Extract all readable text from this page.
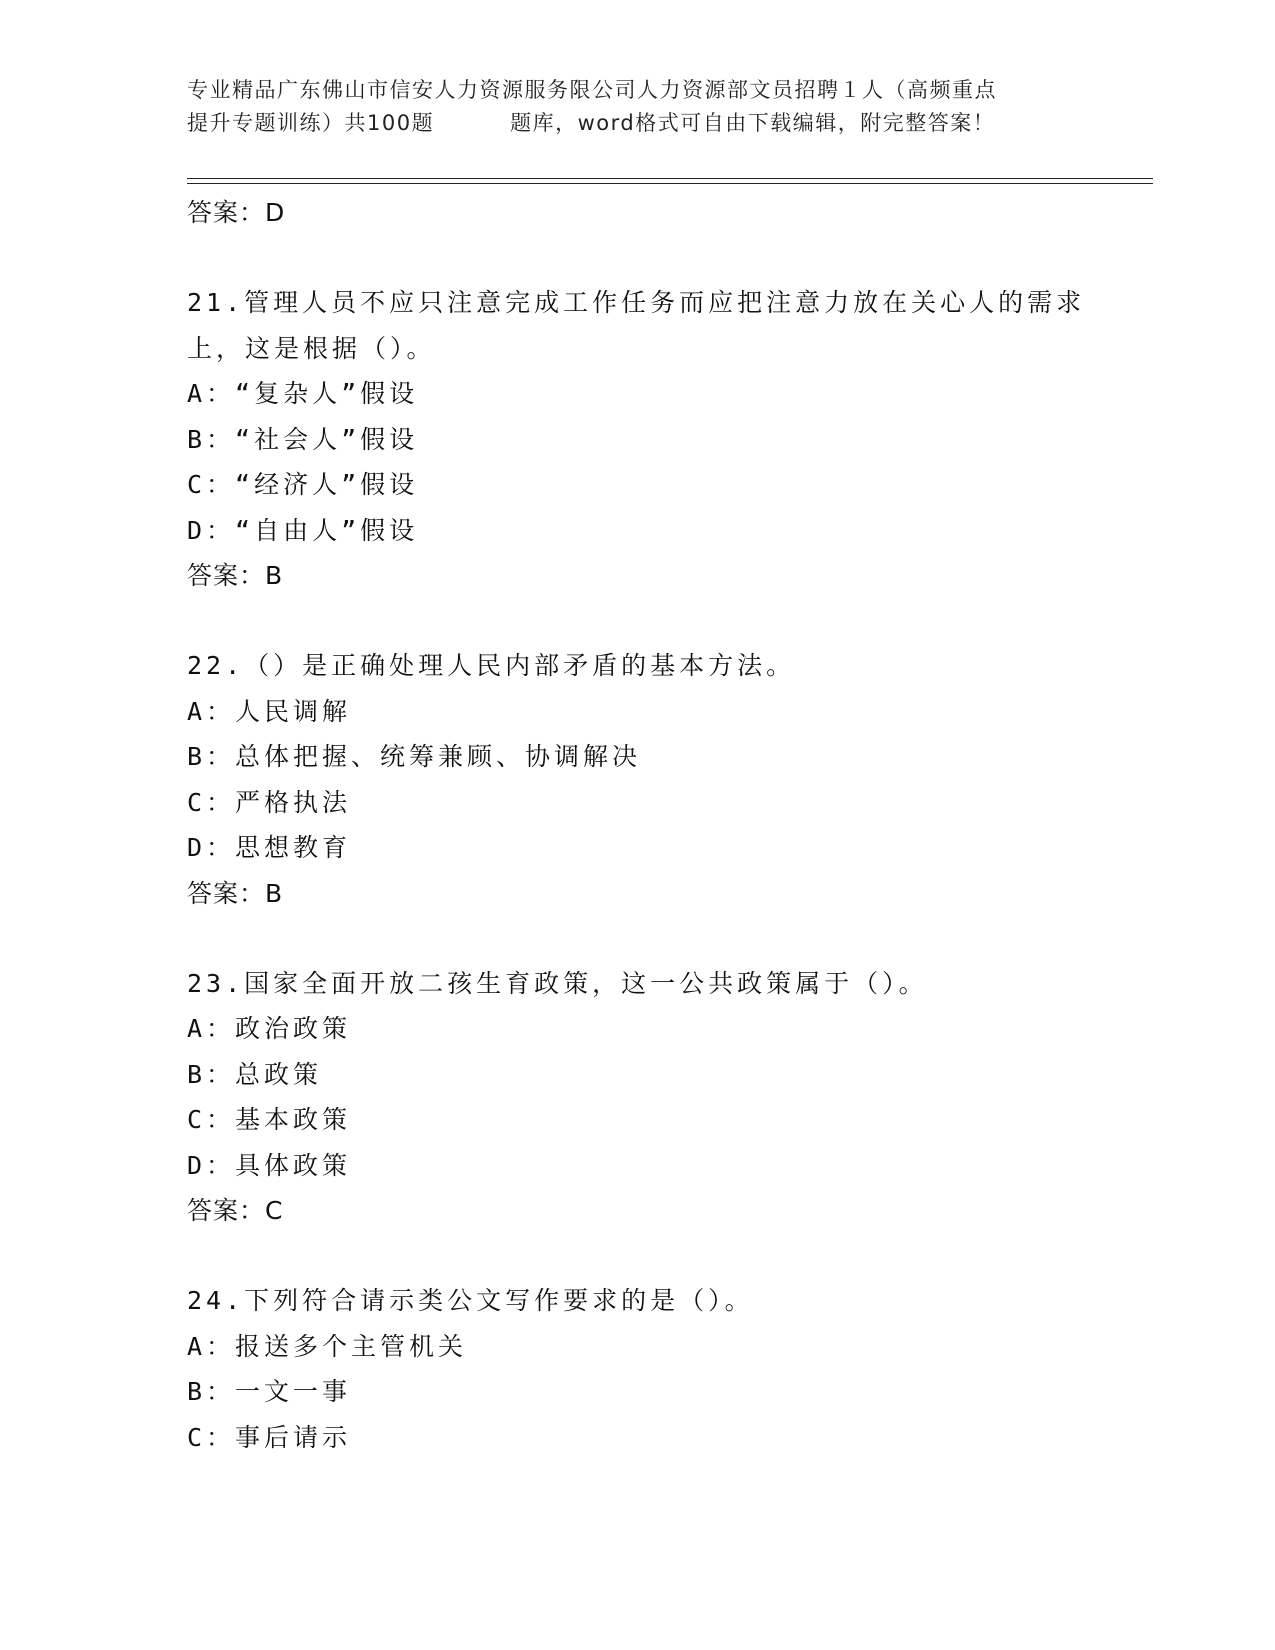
专业精品广东佛山市信安人力资源服务限公司人力资源部文员招聘１人（高频重点
提升专题训练）共100题	题库，word格式可自由下载编辑，附完整答案！
答案：D
21.管理人员不应只注意完成工作任务而应把注意力放在关心人的需求
上，这是根据（）。
A：“复杂人”假设
B：“社会人”假设
C：“经济人”假设
D：“自由人”假设
答案：B
22.（）是正确处理人民内部矛盾的基本方法。
A：人民调解
B：总体把握、统筹兼顾、协调解决
C：严格执法
D：思想教育
答案：B
23.国家全面开放二孩生育政策，这一公共政策属于（）。
A：政治政策
B：总政策
C：基本政策
D：具体政策
答案：C
24.下列符合请示类公文写作要求的是（）。
A：报送多个主管机关
B：一文一事
C：事后请示
